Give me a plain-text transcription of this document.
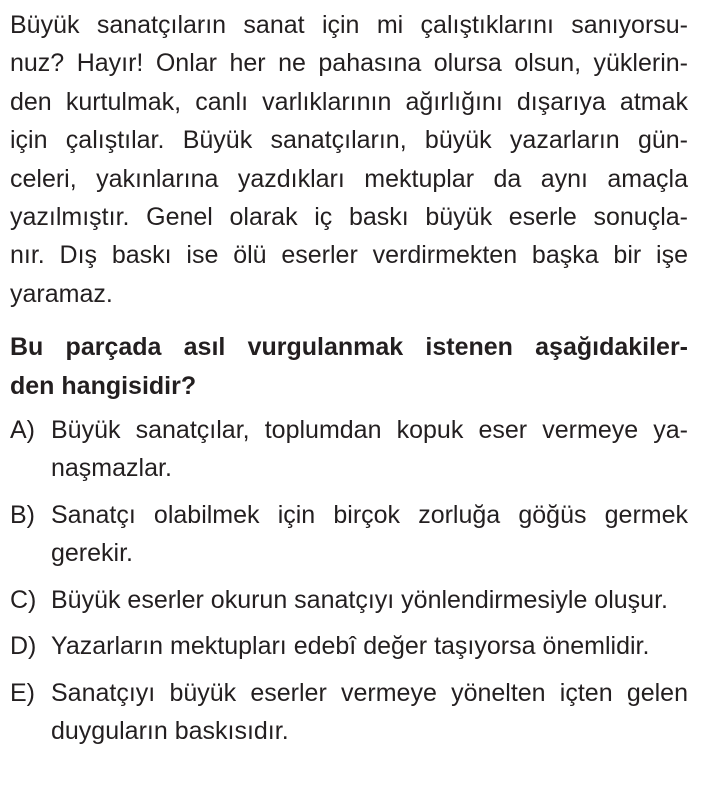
Büyük sanatçıların sanat için mi çalıştıklarını sanıyorsu-
nuz? Hayır! Onlar her ne pahasına olursa olsun, yüklerin-
den kurtulmak, canlı varlıklarının ağırlığını dışarıya atmak
için çalıştılar. Büyük sanatçıların, büyük yazarların gün-
celeri, yakınlarına yazdıkları mektuplar da aynı amaçla
yazılmıştır. Genel olarak iç baskı büyük eserle sonuçla-
nır. Dış baskı ise ölü eserler verdirmekten başka bir işe
yaramaz.
Bu parçada asıl vurgulanmak istenen aşağıdakiler-
den hangisidir?
A) Büyük sanatçılar, toplumdan kopuk eser vermeye ya-
naşmazlar.
B) Sanatçı olabilmek için birçok zorluğa göğüs germek
gerekir.
C) Büyük eserler okurun sanatçıyı yönlendirmesiyle oluşur.
D) Yazarların mektupları edebî değer taşıyorsa önemlidir.
E) Sanatçıyı büyük eserler vermeye yönelten içten gelen
duyguların baskısıdır.
